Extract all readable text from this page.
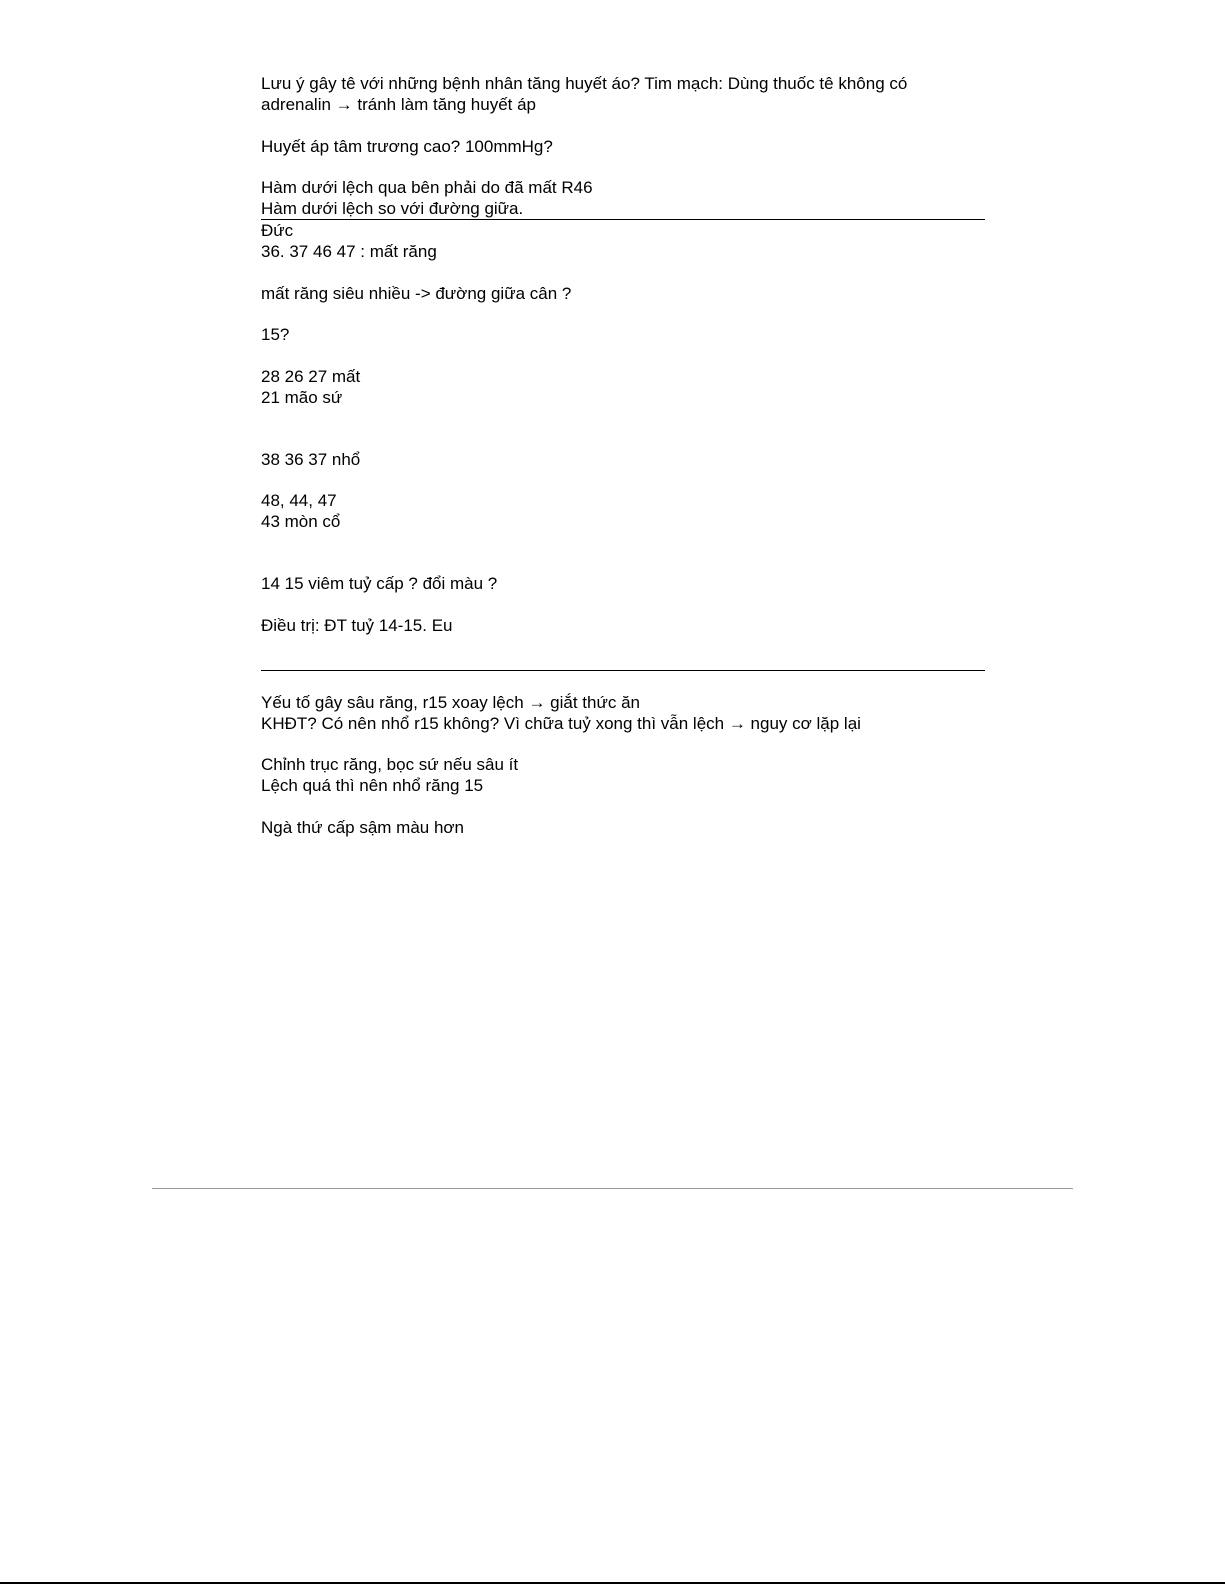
Lưu ý gây tê với những bệnh nhân tăng huyết áo? Tim mạch: Dùng thuốc tê không có
adrenalin → tránh làm tăng huyết áp
Huyết áp tâm trương cao? 100mmHg?
Hàm dưới lệch qua bên phải do đã mất R46
Hàm dưới lệch so với đường giữa.
Đức
36. 37 46 47 : mất răng
mất răng siêu nhiều -> đường giữa cân ?
15?
28 26 27 mất
21 mão sứ
38 36 37 nhổ
48, 44, 47
43 mòn cổ
14 15 viêm tuỷ cấp ? đổi màu ?
Điều trị: ĐT tuỷ 14-15. Eu
Yếu tố gây sâu răng, r15 xoay lệch → giắt thức ăn
KHĐT? Có nên nhổ r15 không? Vì chữa tuỷ xong thì vẫn lệch → nguy cơ lặp lại
Chỉnh trục răng, bọc sứ nếu sâu ít
Lệch quá thì nên nhổ răng 15
Ngà thứ cấp sậm màu hơn
